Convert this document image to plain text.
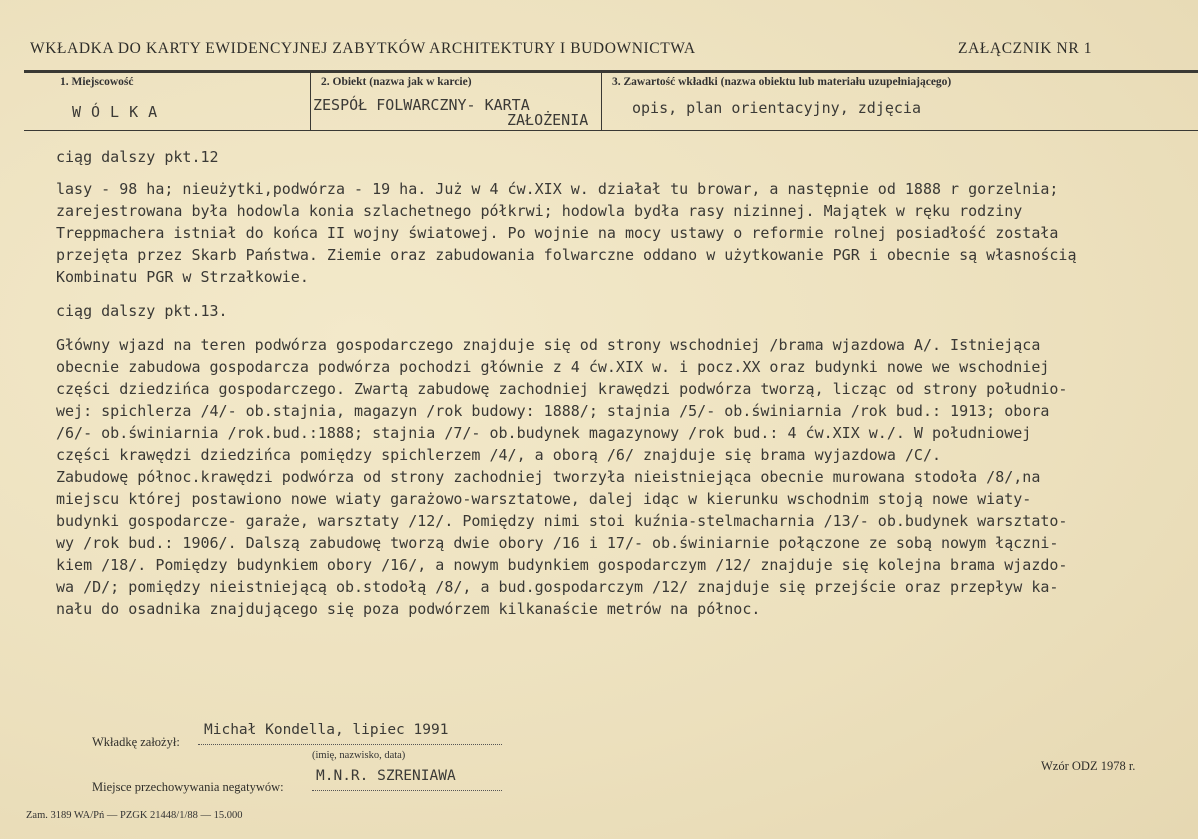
WKŁADKA DO KARTY EWIDENCYJNEJ ZABYTKÓW ARCHITEKTURY I BUDOWNICTWA	ZAŁĄCZNIK NR 1
1. Miejscowość
WÓLKA
2. Obiekt (nazwa jak w karcie)
ZESPÓŁ FOLWARCZNY- KARTA
ZAŁOŻENIA
3. Zawartość wkładki (nazwa obiektu lub materiału uzupełniającego)
opis, plan orientacyjny, zdjęcia

ciąg dalszy pkt.12

lasy - 98 ha; nieużytki,podwórza - 19 ha. Już w 4 ćw.XIX w. działał tu browar, a następnie od 1888 r gorzelnia;

zarejestrowana była hodowla konia szlachetnego półkrwi; hodowla bydła rasy nizinnej. Majątek w ręku rodziny

Treppmachera istniał do końca II wojny światowej. Po wojnie na mocy ustawy o reformie rolnej posiadłość została

przejęta przez Skarb Państwa. Ziemie oraz zabudowania folwarczne oddano w użytkowanie PGR i obecnie są własnością

Kombinatu PGR w Strzałkowie.

ciąg dalszy pkt.13.

Główny wjazd na teren podwórza gospodarczego znajduje się od strony wschodniej /brama wjazdowa A/. Istniejąca

obecnie zabudowa gospodarcza podwórza pochodzi głównie z 4 ćw.XIX w. i pocz.XX oraz budynki nowe we wschodniej

części dziedzińca gospodarczego. Zwartą zabudowę zachodniej krawędzi podwórza tworzą, licząc od strony południo-

wej: spichlerza /4/- ob.stajnia, magazyn /rok budowy: 1888/; stajnia /5/- ob.świniarnia /rok bud.: 1913; obora

/6/- ob.świniarnia /rok.bud.:1888; stajnia /7/- ob.budynek magazynowy /rok bud.: 4 ćw.XIX w./. W południowej

części krawędzi dziedzińca pomiędzy spichlerzem /4/, a oborą /6/ znajduje się brama wyjazdowa /C/.

Zabudowę północ.krawędzi podwórza od strony zachodniej tworzyła nieistniejąca obecnie murowana stodoła /8/,na

miejscu której postawiono nowe wiaty garażowo-warsztatowe, dalej idąc w kierunku wschodnim stoją nowe wiaty-

budynki gospodarcze- garaże, warsztaty /12/. Pomiędzy nimi stoi kuźnia-stelmacharnia /13/- ob.budynek warsztato-

wy /rok bud.: 1906/. Dalszą zabudowę tworzą dwie obory /16 i 17/- ob.świniarnie połączone ze sobą nowym łączni-

kiem /18/. Pomiędzy budynkiem obory /16/, a nowym budynkiem gospodarczym /12/ znajduje się kolejna brama wjazdo-

wa /D/; pomiędzy nieistniejącą ob.stodołą /8/, a bud.gospodarczym /12/ znajduje się przejście oraz przepływ ka-

nału do osadnika znajdującego się poza podwórzem kilkanaście metrów na północ.

Wkładkę założył:
Michał Kondella, lipiec 1991
(imię, nazwisko, data)
Miejsce przechowywania negatywów:
M.N.R. SZRENIAWA
Wzór ODZ 1978 r.
Zam. 3189 WA/Pń — PZGK 21448/1/88 — 15.000
